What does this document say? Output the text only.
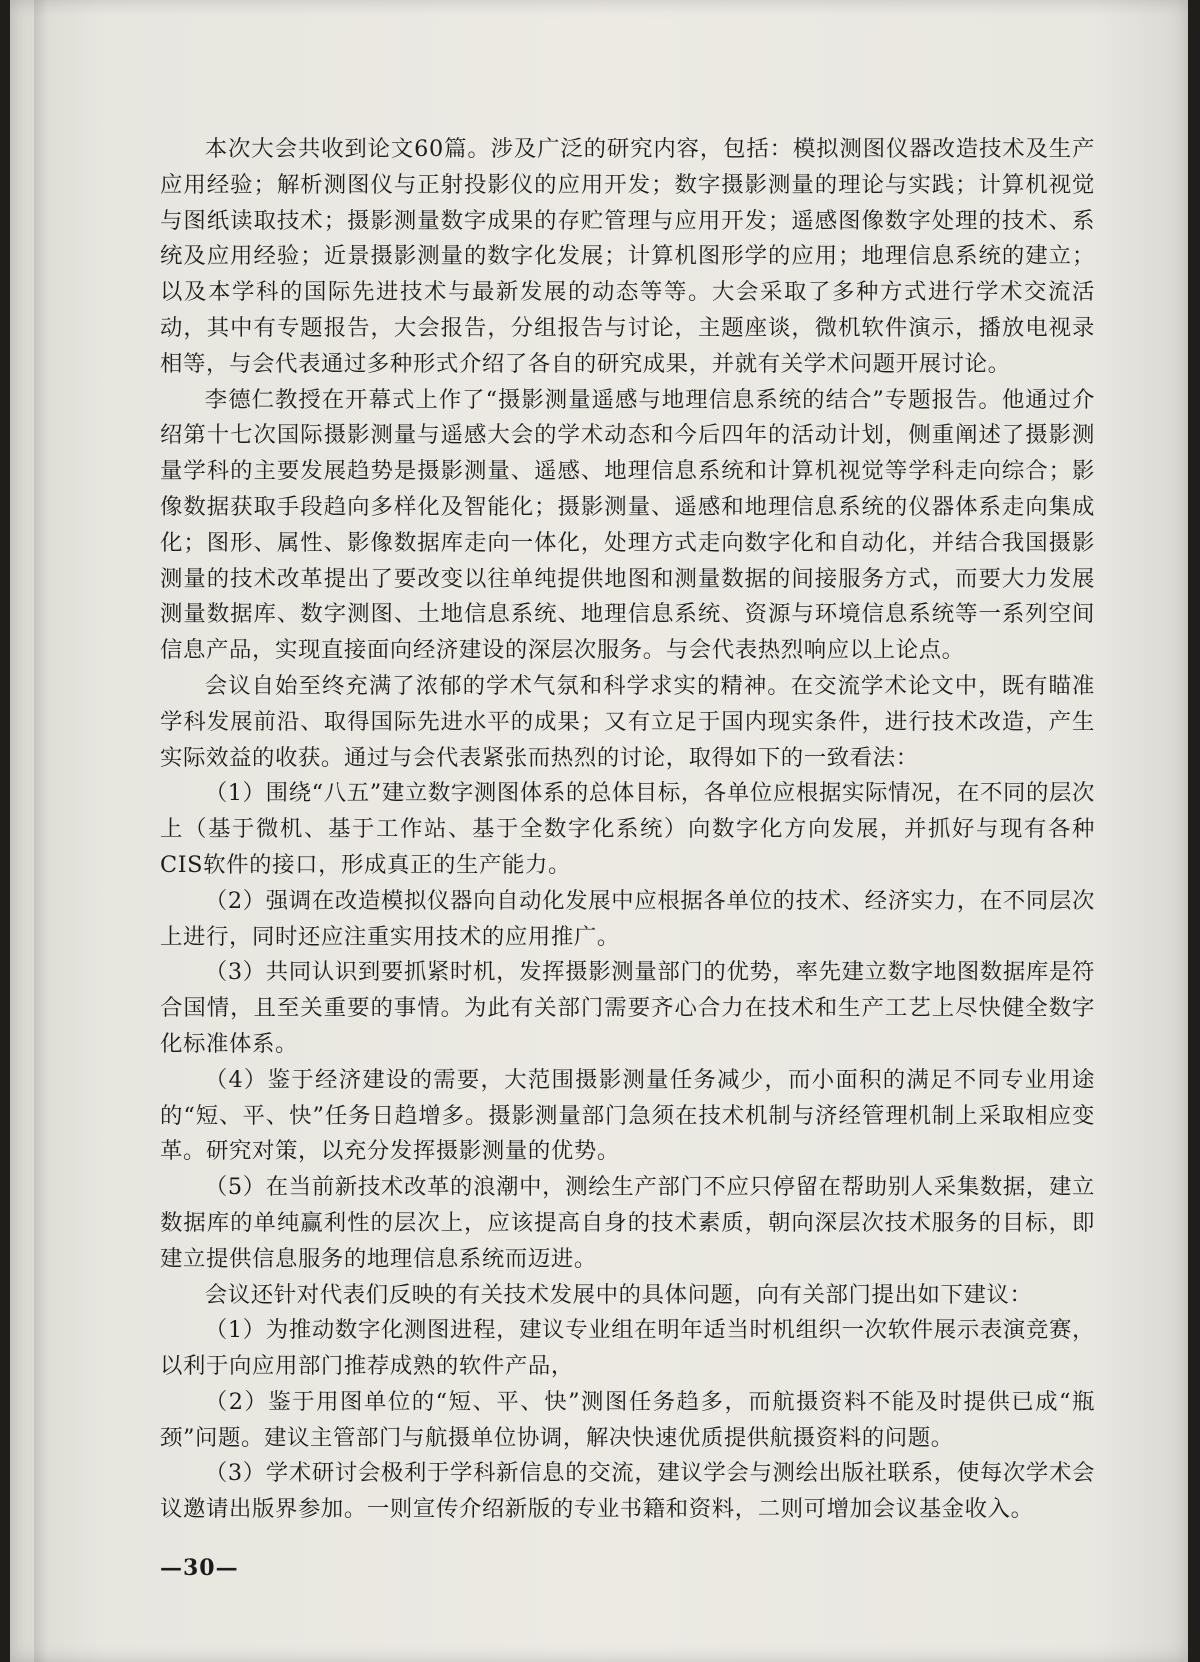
本次大会共收到论文60篇。涉及广泛的研究内容，包括：模拟测图仪器改造技术及生产应用经验；解析测图仪与正射投影仪的应用开发；数字摄影测量的理论与实践；计算机视觉与图纸读取技术；摄影测量数字成果的存贮管理与应用开发；遥感图像数字处理的技术、系统及应用经验；近景摄影测量的数字化发展；计算机图形学的应用；地理信息系统的建立；以及本学科的国际先进技术与最新发展的动态等等。大会采取了多种方式进行学术交流活动，其中有专题报告，大会报告，分组报告与讨论，主题座谈，微机软件演示，播放电视录相等，与会代表通过多种形式介绍了各自的研究成果，并就有关学术问题开展讨论。

李德仁教授在开幕式上作了“摄影测量遥感与地理信息系统的结合”专题报告。他通过介绍第十七次国际摄影测量与遥感大会的学术动态和今后四年的活动计划，侧重阐述了摄影测量学科的主要发展趋势是摄影测量、遥感、地理信息系统和计算机视觉等学科走向综合；影像数据获取手段趋向多样化及智能化；摄影测量、遥感和地理信息系统的仪器体系走向集成化；图形、属性、影像数据库走向一体化，处理方式走向数字化和自动化，并结合我国摄影测量的技术改革提出了要改变以往单纯提供地图和测量数据的间接服务方式，而要大力发展测量数据库、数字测图、土地信息系统、地理信息系统、资源与环境信息系统等一系列空间信息产品，实现直接面向经济建设的深层次服务。与会代表热烈响应以上论点。

会议自始至终充满了浓郁的学术气氛和科学求实的精神。在交流学术论文中，既有瞄准学科发展前沿、取得国际先进水平的成果；又有立足于国内现实条件，进行技术改造，产生实际效益的收获。通过与会代表紧张而热烈的讨论，取得如下的一致看法：

（1）围绕“八五”建立数字测图体系的总体目标，各单位应根据实际情况，在不同的层次上（基于微机、基于工作站、基于全数字化系统）向数字化方向发展，并抓好与现有各种CIS软件的接口，形成真正的生产能力。

（2）强调在改造模拟仪器向自动化发展中应根据各单位的技术、经济实力，在不同层次上进行，同时还应注重实用技术的应用推广。

（3）共同认识到要抓紧时机，发挥摄影测量部门的优势，率先建立数字地图数据库是符合国情，且至关重要的事情。为此有关部门需要齐心合力在技术和生产工艺上尽快健全数字化标准体系。

（4）鉴于经济建设的需要，大范围摄影测量任务减少，而小面积的满足不同专业用途的“短、平、快”任务日趋增多。摄影测量部门急须在技术机制与济经管理机制上采取相应变革。研究对策，以充分发挥摄影测量的优势。

（5）在当前新技术改革的浪潮中，测绘生产部门不应只停留在帮助别人采集数据，建立数据库的单纯赢利性的层次上，应该提高自身的技术素质，朝向深层次技术服务的目标，即建立提供信息服务的地理信息系统而迈进。

会议还针对代表们反映的有关技术发展中的具体问题，向有关部门提出如下建议：

（1）为推动数字化测图进程，建议专业组在明年适当时机组织一次软件展示表演竞赛，以利于向应用部门推荐成熟的软件产品，

（2）鉴于用图单位的“短、平、快”测图任务趋多，而航摄资料不能及时提供已成“瓶颈”问题。建议主管部门与航摄单位协调，解决快速优质提供航摄资料的问题。

（3）学术研讨会极利于学科新信息的交流，建议学会与测绘出版社联系，使每次学术会议邀请出版界参加。一则宣传介绍新版的专业书籍和资料，二则可增加会议基金收入。

—30—
